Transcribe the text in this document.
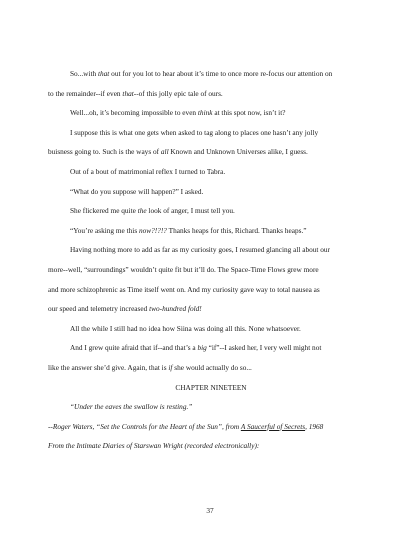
So...with that out for you lot to hear about it’s time to once more re-focus our attention on

to the remainder--if even that--of this jolly epic tale of ours.

Well...oh, it’s becoming impossible to even think at this spot now, isn’t it?

I suppose this is what one gets when asked to tag along to places one hasn’t any jolly

buisness going to. Such is the ways of all Known and Unknown Universes alike, I guess.

Out of a bout of matrimonial reflex I turned to Tabra.

“What do you suppose will happen?” I asked.

She flickered me quite the look of anger, I must tell you.

“You’re asking me this now?!?!? Thanks heaps for this, Richard. Thanks heaps.”

Having nothing more to add as far as my curiosity goes, I resumed glancing all about our

more--well, “surroundings” wouldn’t quite fit but it’ll do. The Space-Time Flows grew more

and more schizophrenic as Time itself went on. And my curiosity gave way to total nausea as

our speed and telemetry increased two-hundred fold!

All the while I still had no idea how Siina was doing all this. None whatsoever.

And I grew quite afraid that if--and that’s a big “if”--I asked her, I very well might not

like the answer she’d give. Again, that is if she would actually do so...

CHAPTER NINETEEN

“Under the eaves the swallow is resting.”

--Roger Waters, “Set the Controls for the Heart of the Sun”, from A Saucerful of Secrets, 1968

From the Intimate Diaries of Starswan Wright (recorded electronically):

37
